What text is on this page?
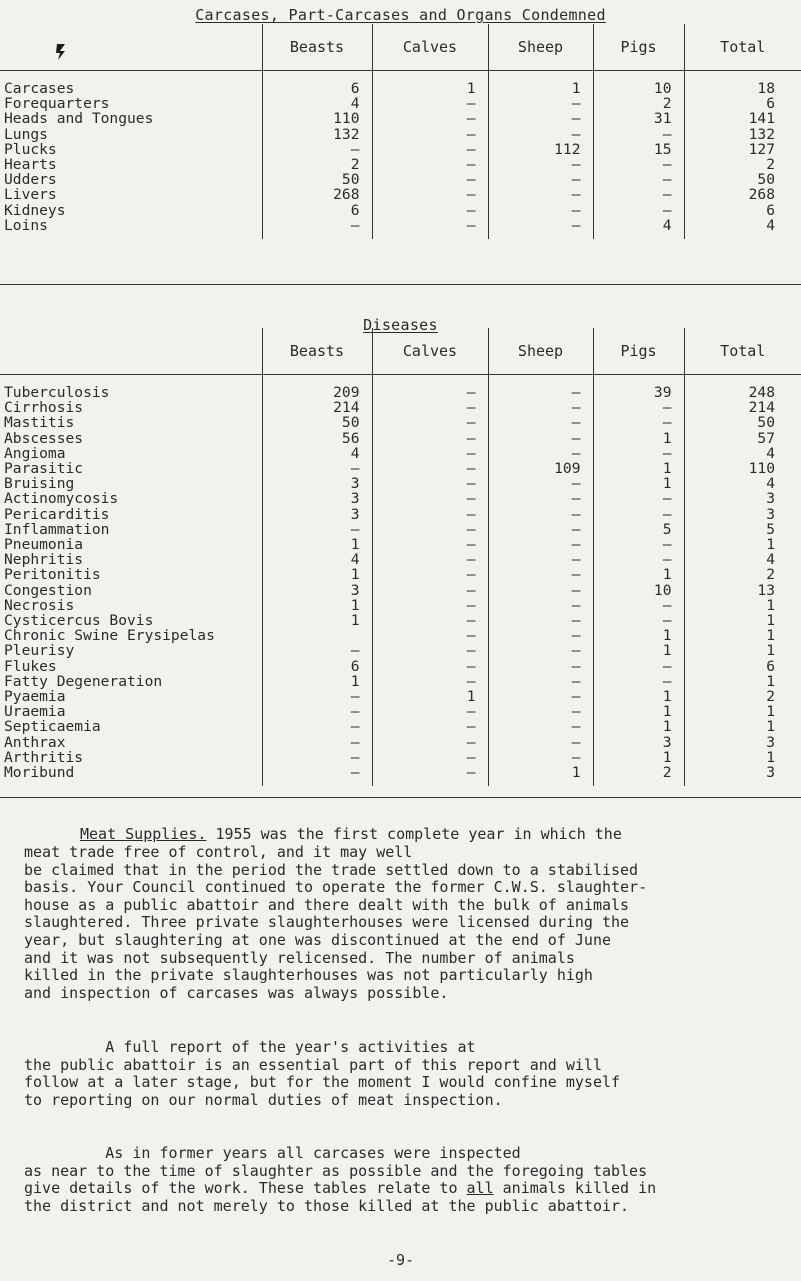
Carcases, Part-Carcases and Organs Condemned
	Beasts	Calves	Sheep	Pigs	Total

Carcases	6	1	1	10	18
Forequarters	4	–	–	2	6
Heads and Tongues	110	–	–	31	141
Lungs	132	–	–	–	132
Plucks	–	–	112	15	127
Hearts	2	–	–	–	2
Udders	50	–	–	–	50
Livers	268	–	–	–	268
Kidneys	6	–	–	–	6
Loins	–	–	–	4	4
Diseases
	Beasts	Calves	Sheep	Pigs	Total

Tuberculosis	209	–	–	39	248
Cirrhosis	214	–	–	–	214
Mastitis	50	–	–	–	50
Abscesses	56	–	–	1	57
Angioma	4	–	–	–	4
Parasitic	–	–	109	1	110
Bruising	3	–	–	1	4
Actinomycosis	3	–	–	–	3
Pericarditis	3	–	–	–	3
Inflammation	–	–	–	5	5
Pneumonia	1	–	–	–	1
Nephritis	4	–	–	–	4
Peritonitis	1	–	–	1	2
Congestion	3	–	–	10	13
Necrosis	1	–	–	–	1
Cysticercus Bovis	1	–	–	–	1
Chronic Swine Erysipelas		–	–	1	1
Pleurisy	–	–	–	1	1
Flukes	6	–	–	–	6
Fatty Degeneration	1	–	–	–	1
Pyaemia	–	1	–	1	2
Uraemia	–	–	–	1	1
Septicaemia	–	–	–	1	1
Anthrax	–	–	–	3	3
Arthritis	–	–	–	1	1
Moribund	–	–	1	2	3

Meat Supplies. 1955 was the first complete year in which the

meat trade free of control, and it may well
be claimed that in the period the trade settled down to a stabilised
basis. Your Council continued to operate the former C.W.S. slaughter-
house as a public abattoir and there dealt with the bulk of animals
slaughtered. Three private slaughterhouses were licensed during the
year, but slaughtering at one was discontinued at the end of June
and it was not subsequently relicensed. The number of animals
killed in the private slaughterhouses was not particularly high
and inspection of carcases was always possible.

A full report of the year's activities at
the public abattoir is an essential part of this report and will
follow at a later stage, but for the moment I would confine myself
to reporting on our normal duties of meat inspection.

As in former years all carcases were inspected
as near to the time of slaughter as possible and the foregoing tables
give details of the work. These tables relate to all animals killed in
the district and not merely to those killed at the public abattoir.

-9-
